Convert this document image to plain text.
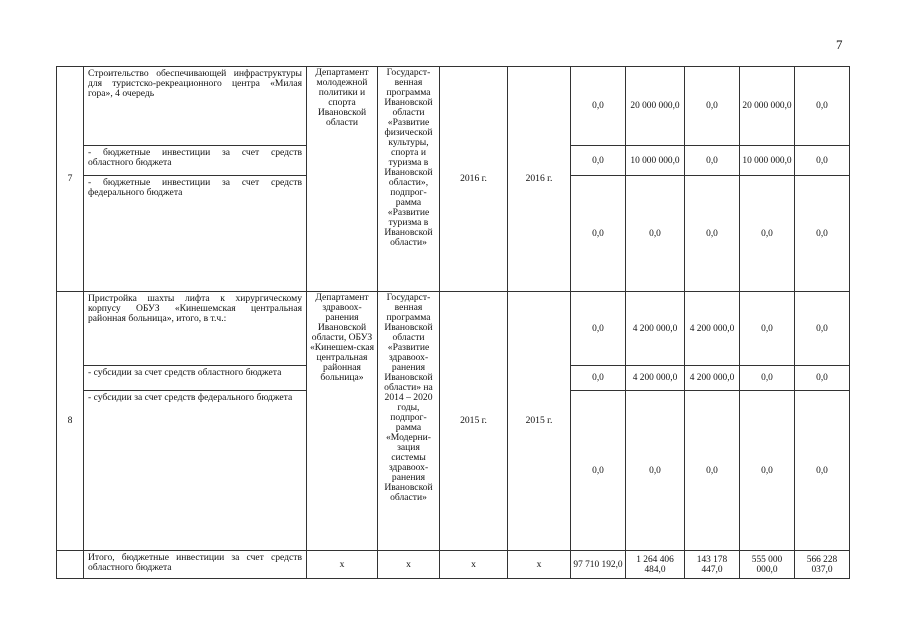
7
7	Строительство обеспечивающей инфраструктуры для туристско-рекреационного центра «Милая гора», 4 очередь	Департамент молодежной политики и спорта Ивановской области	Государст-венная программа Ивановской области «Развитие физической культуры, спорта и туризма в Ивановской области», подпрог-рамма «Развитие туризма в Ивановской области»	2016 г.	2016 г.	0,0	20 000 000,0	0,0	20 000 000,0	0,0
	- бюджетные инвестиции за счет средств областного бюджета					0,0	10 000 000,0	0,0	10 000 000,0	0,0
	- бюджетные инвестиции за счет средств федерального бюджета					0,0	0,0	0,0	0,0	0,0
8	Пристройка шахты лифта к хирургическому корпусу ОБУЗ «Кинешемская центральная районная больница», итого, в т.ч.:	Департамент здравоох-ранения Ивановской области, ОБУЗ «Кинешем-ская центральная районная больница»	Государст-венная программа Ивановской области «Развитие здравоох-ранения Ивановской области» на 2014 – 2020 годы, подпрог-рамма «Модерни-зация системы здравоох-ранения Ивановской области»	2015 г.	2015 г.	0,0	4 200 000,0	4 200 000,0	0,0	0,0
	- субсидии за счет средств областного бюджета					0,0	4 200 000,0	4 200 000,0	0,0	0,0
	- субсидии за счет средств федерального бюджета					0,0	0,0	0,0	0,0	0,0
	Итого, бюджетные инвестиции за счет средств областного бюджета	x	x	x	x	97 710 192,0	1 264 406 484,0	143 178 447,0	555 000 000,0	566 228 037,0
